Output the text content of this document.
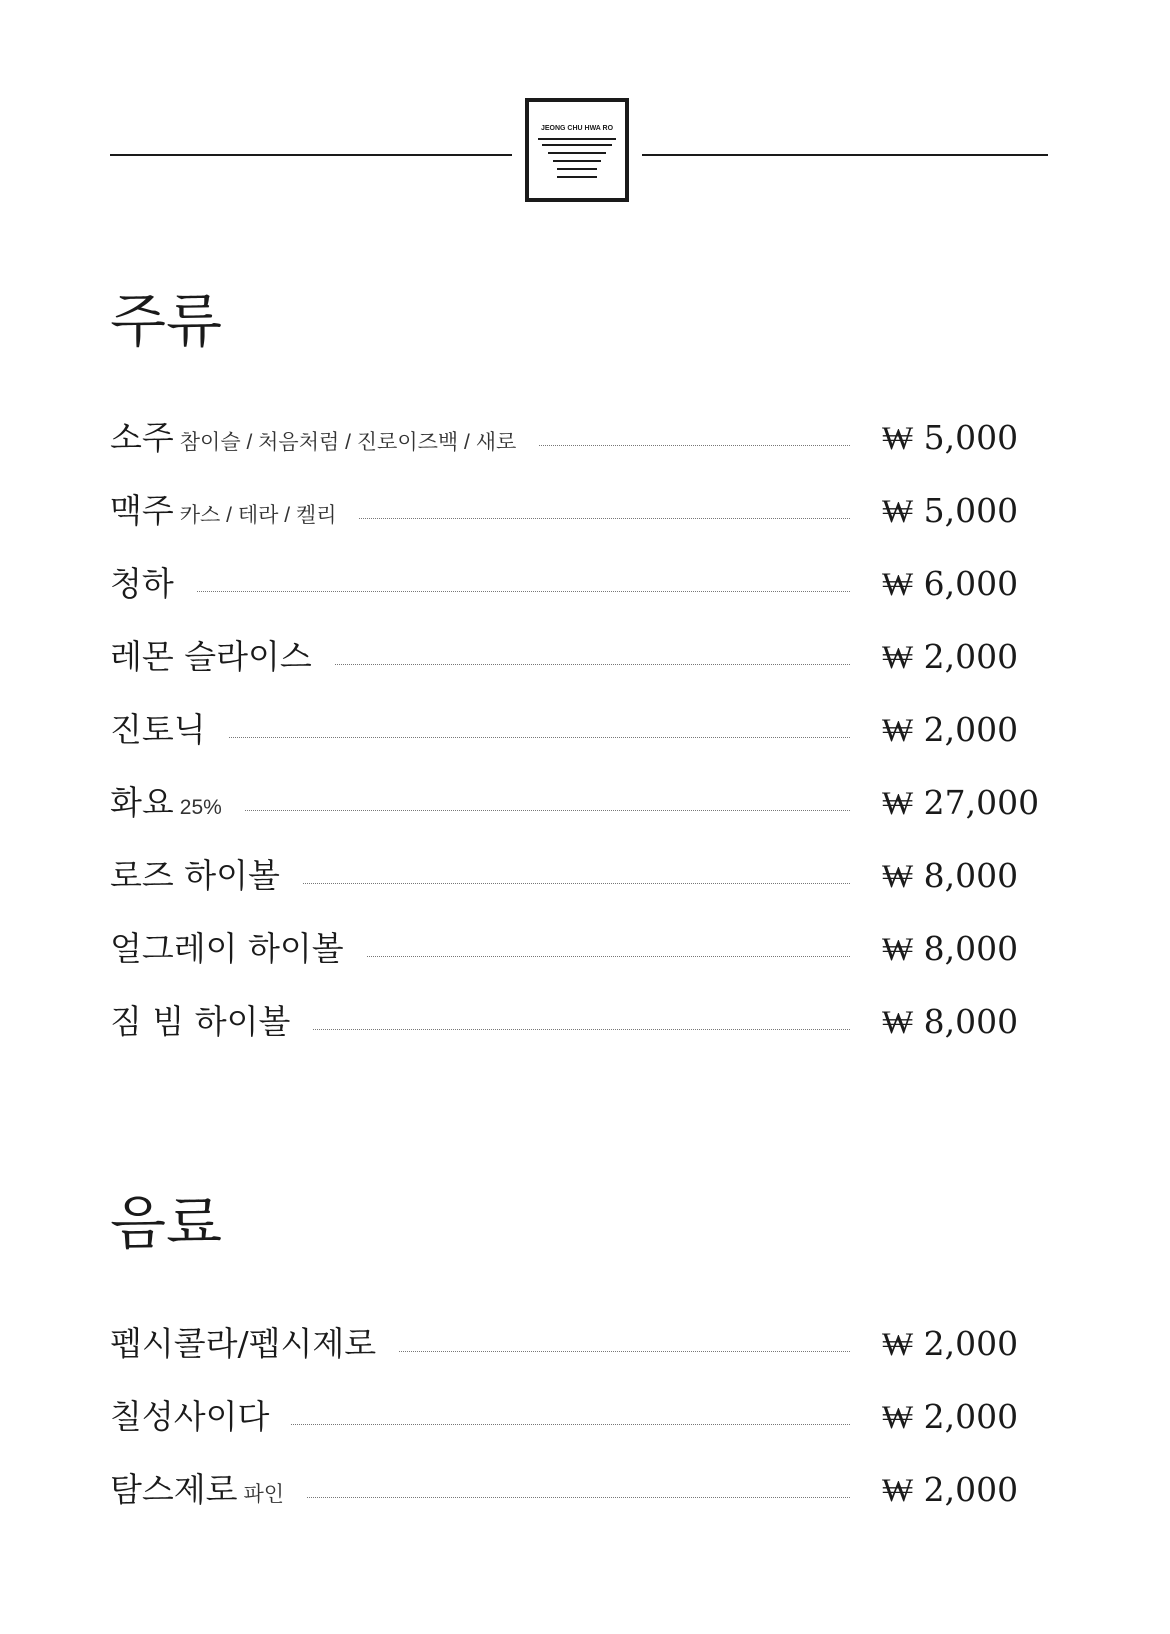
JEONG CHU HWA RO
주류
소주 참이슬 / 처음처럼 / 진로이즈백 / 새로	₩ 5,000
맥주 카스 / 테라 / 켈리	₩ 5,000
청하	₩ 6,000
레몬 슬라이스	₩ 2,000
진토닉	₩ 2,000
화요 25%	₩ 27,000
로즈 하이볼	₩ 8,000
얼그레이 하이볼	₩ 8,000
짐 빔 하이볼	₩ 8,000
음료
펩시콜라/펩시제로	₩ 2,000
칠성사이다	₩ 2,000
탐스제로 파인	₩ 2,000
